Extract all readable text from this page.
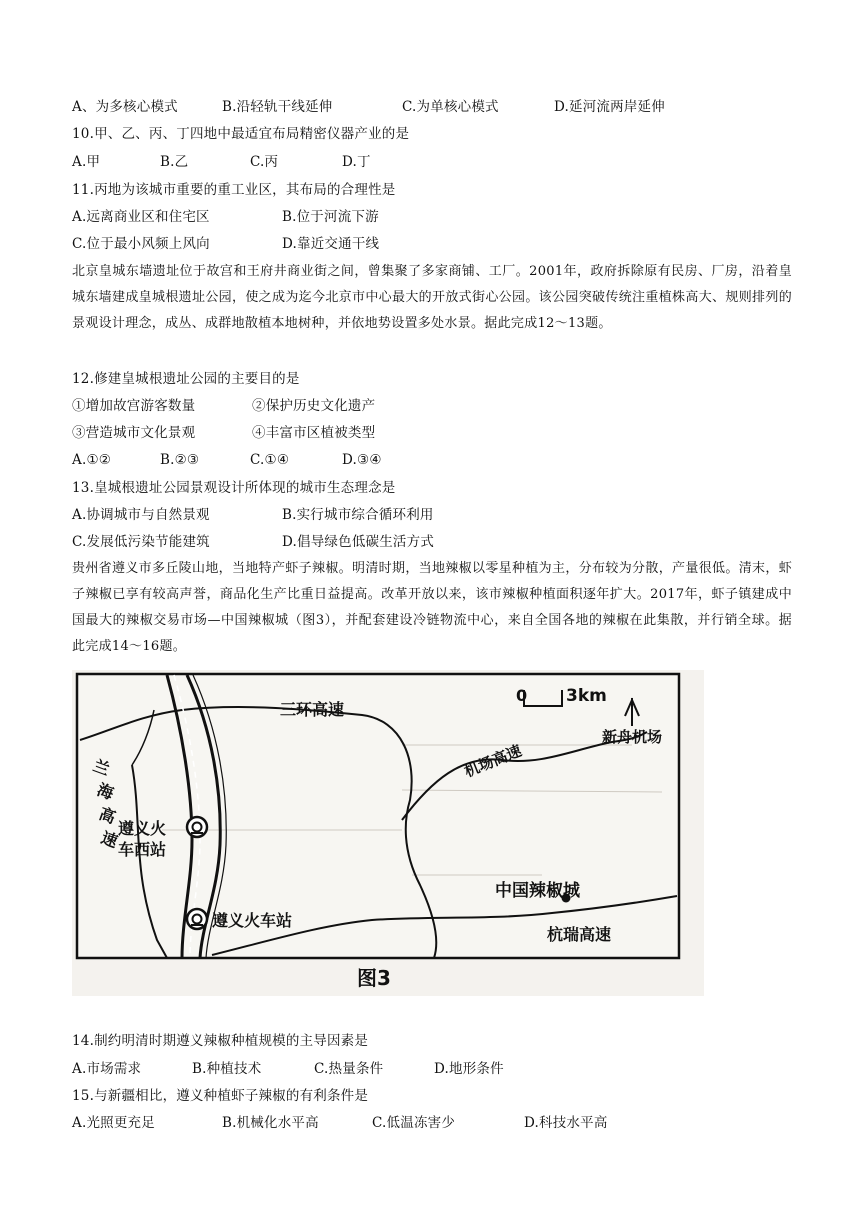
A、为多核心模式	B.沿轻轨干线延伸	C.为单核心模式	D.延河流两岸延伸
10.甲、乙、丙、丁四地中最适宜布局精密仪器产业的是
A.甲	B.乙	C.丙	D.丁
11.丙地为该城市重要的重工业区，其布局的合理性是
A.远离商业区和住宅区	B.位于河流下游
C.位于最小风频上风向	D.靠近交通干线
北京皇城东墙遗址位于故宫和王府井商业街之间，曾集聚了多家商铺、工厂。2001年，政府拆除原有民房、厂房，沿着皇城东墙建成皇城根遗址公园，使之成为迄今北京市中心最大的开放式街心公园。该公园突破传统注重植株高大、规则排列的景观设计理念，成丛、成群地散植本地树种，并依地势设置多处水景。据此完成12～13题。
12.修建皇城根遗址公园的主要目的是
①增加故宫游客数量	②保护历史文化遗产
③营造城市文化景观	④丰富市区植被类型
A.①②	B.②③	C.①④	D.③④
13.皇城根遗址公园景观设计所体现的城市生态理念是
A.协调城市与自然景观	B.实行城市综合循环利用
C.发展低污染节能建筑	D.倡导绿色低碳生活方式
贵州省遵义市多丘陵山地，当地特产虾子辣椒。明清时期，当地辣椒以零星种植为主，分布较为分散，产量很低。清末，虾子辣椒已享有较高声誉，商品化生产比重日益提高。改革开放以来，该市辣椒种植面积逐年扩大。2017年，虾子镇建成中国最大的辣椒交易市场—中国辣椒城（图3），并配套建设冷链物流中心，来自全国各地的辣椒在此集散，并行销全球。据此完成14～16题。
0 3km
三环高速
新舟机场
机场高速
兰
海
高
速
遵义火
车西站
遵义火车站
中国辣椒城
杭瑞高速
图3
14.制约明清时期遵义辣椒种植规模的主导因素是
A.市场需求	B.种植技术	C.热量条件	D.地形条件
15.与新疆相比，遵义种植虾子辣椒的有利条件是
A.光照更充足	B.机械化水平高	C.低温冻害少	D.科技水平高
